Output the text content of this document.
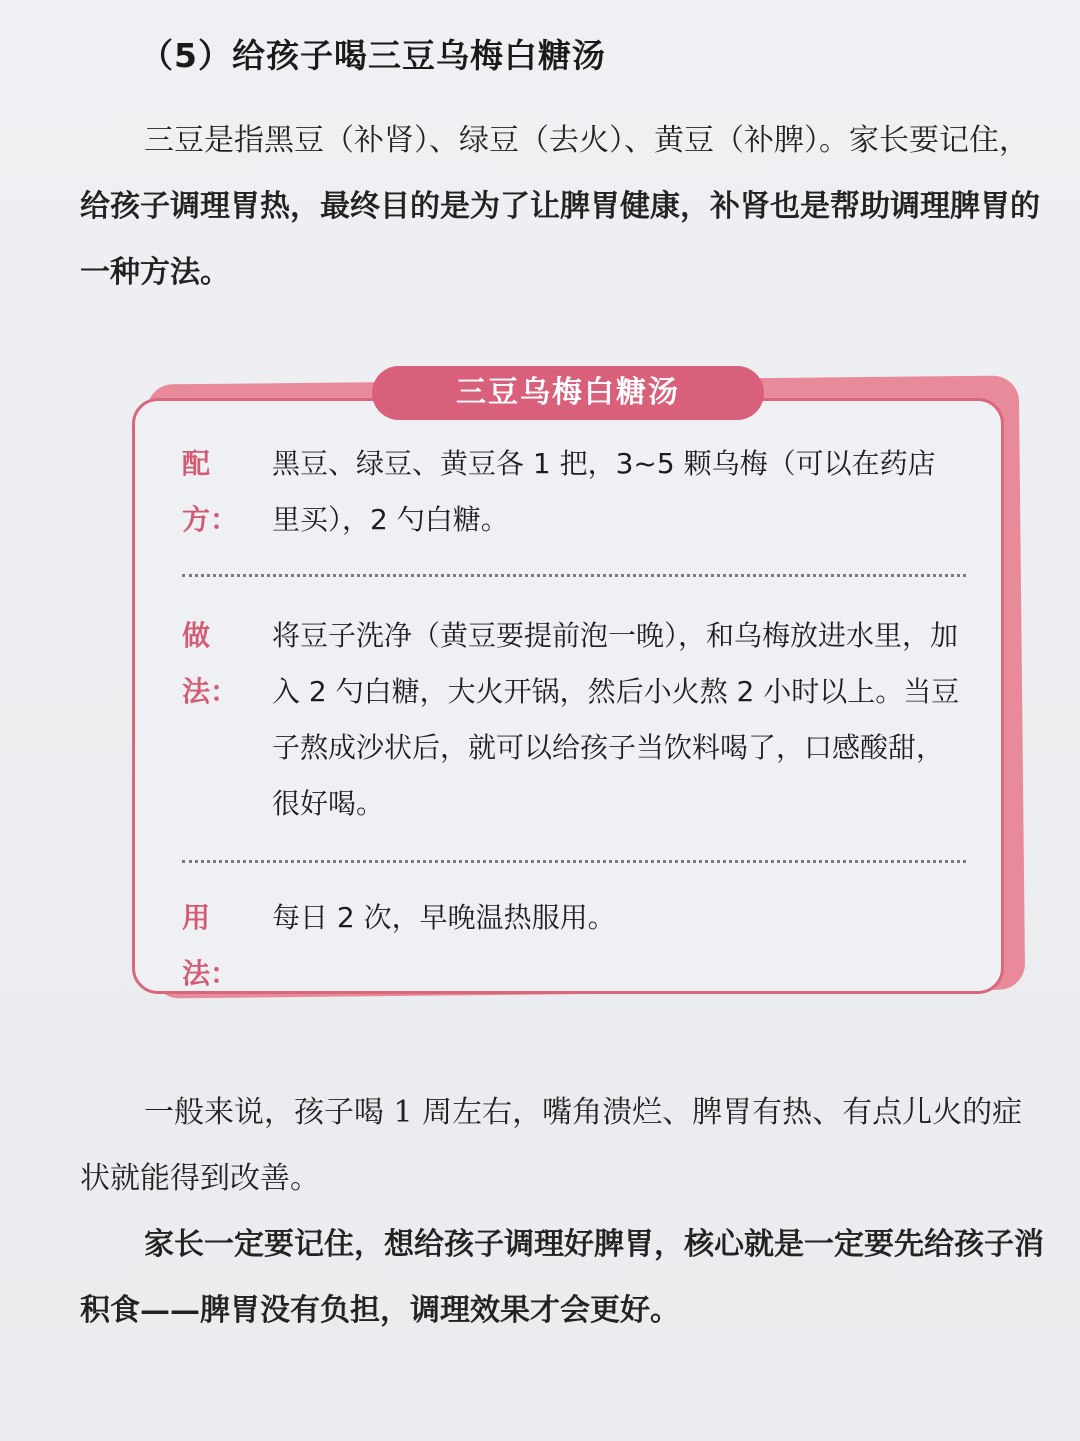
（5）给孩子喝三豆乌梅白糖汤
三豆是指黑豆（补肾）、绿豆（去火）、黄豆（补脾）。家长要记住，给孩子调理胃热，最终目的是为了让脾胃健康，补肾也是帮助调理脾胃的一种方法。
三豆乌梅白糖汤
配方：
黑豆、绿豆、黄豆各 1 把，3~5 颗乌梅（可以在药店里买），2 勺白糖。
做法：
将豆子洗净（黄豆要提前泡一晚），和乌梅放进水里，加入 2 勺白糖，大火开锅，然后小火熬 2 小时以上。当豆子熬成沙状后，就可以给孩子当饮料喝了，口感酸甜，很好喝。
用法：
每日 2 次，早晚温热服用。
一般来说，孩子喝 1 周左右，嘴角溃烂、脾胃有热、有点儿火的症状就能得到改善。
家长一定要记住，想给孩子调理好脾胃，核心就是一定要先给孩子消积食——脾胃没有负担，调理效果才会更好。
